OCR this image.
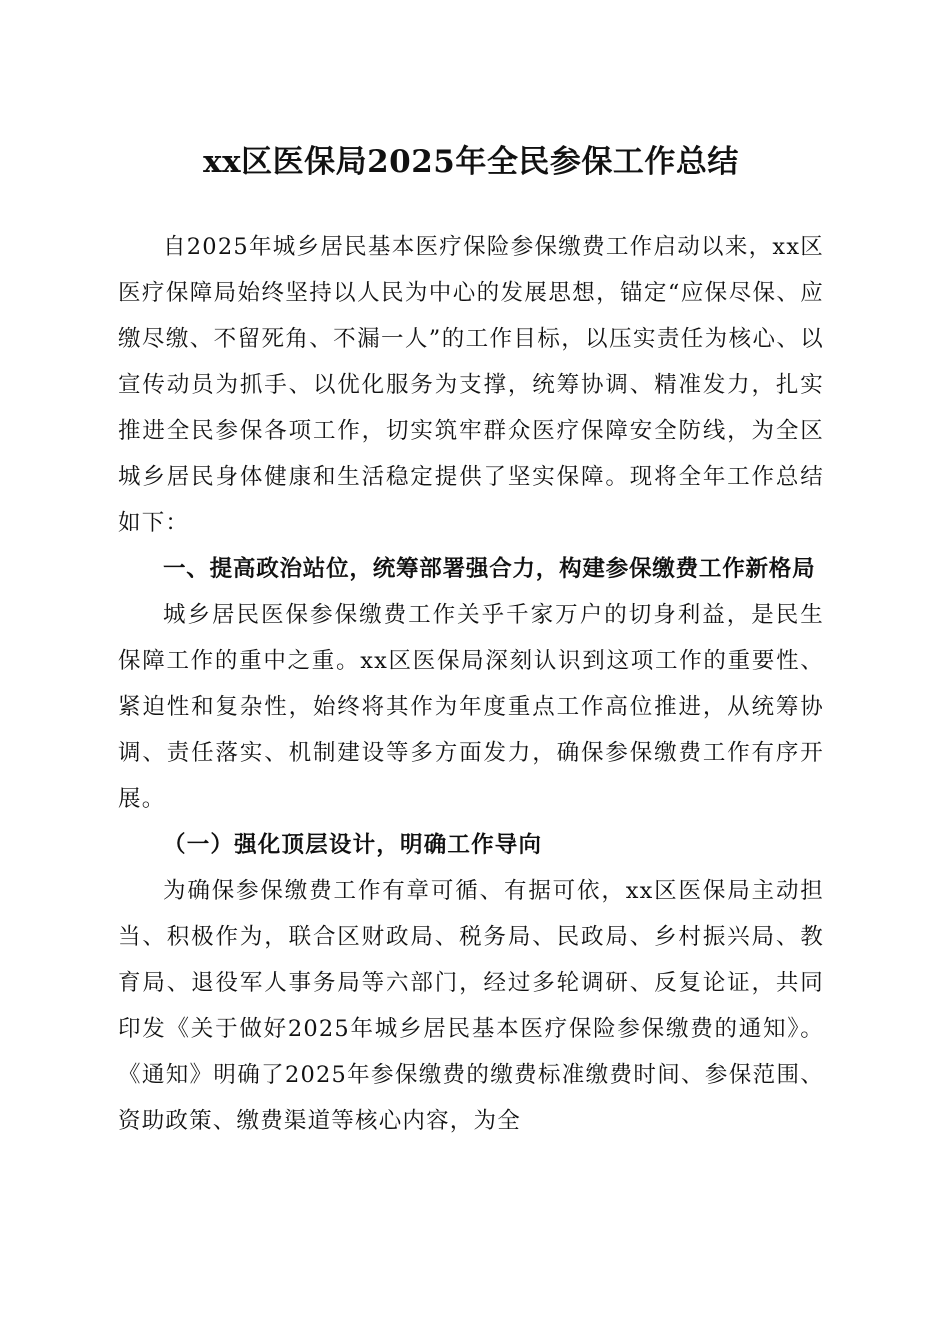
xx区医保局2025年全民参保工作总结

自2025年城乡居民基本医疗保险参保缴费工作启动以来，xx区医疗保障局始终坚持以人民为中心的发展思想，锚定“应保尽保、应缴尽缴、不留死角、不漏一人”的工作目标，以压实责任为核心、以宣传动员为抓手、以优化服务为支撑，统筹协调、精准发力，扎实推进全民参保各项工作，切实筑牢群众医疗保障安全防线，为全区城乡居民身体健康和生活稳定提供了坚实保障。现将全年工作总结如下：

一、提高政治站位，统筹部署强合力，构建参保缴费工作新格局

城乡居民医保参保缴费工作关乎千家万户的切身利益，是民生保障工作的重中之重。xx区医保局深刻认识到这项工作的重要性、紧迫性和复杂性，始终将其作为年度重点工作高位推进，从统筹协调、责任落实、机制建设等多方面发力，确保参保缴费工作有序开展。

（一）强化顶层设计，明确工作导向

为确保参保缴费工作有章可循、有据可依，xx区医保局主动担当、积极作为，联合区财政局、税务局、民政局、乡村振兴局、教育局、退役军人事务局等六部门，经过多轮调研、反复论证，共同印发《关于做好2025年城乡居民基本医疗保险参保缴费的通知》。《通知》明确了2025年参保缴费的缴费标准缴费时间、参保范围、资助政策、缴费渠道等核心内容，为全
